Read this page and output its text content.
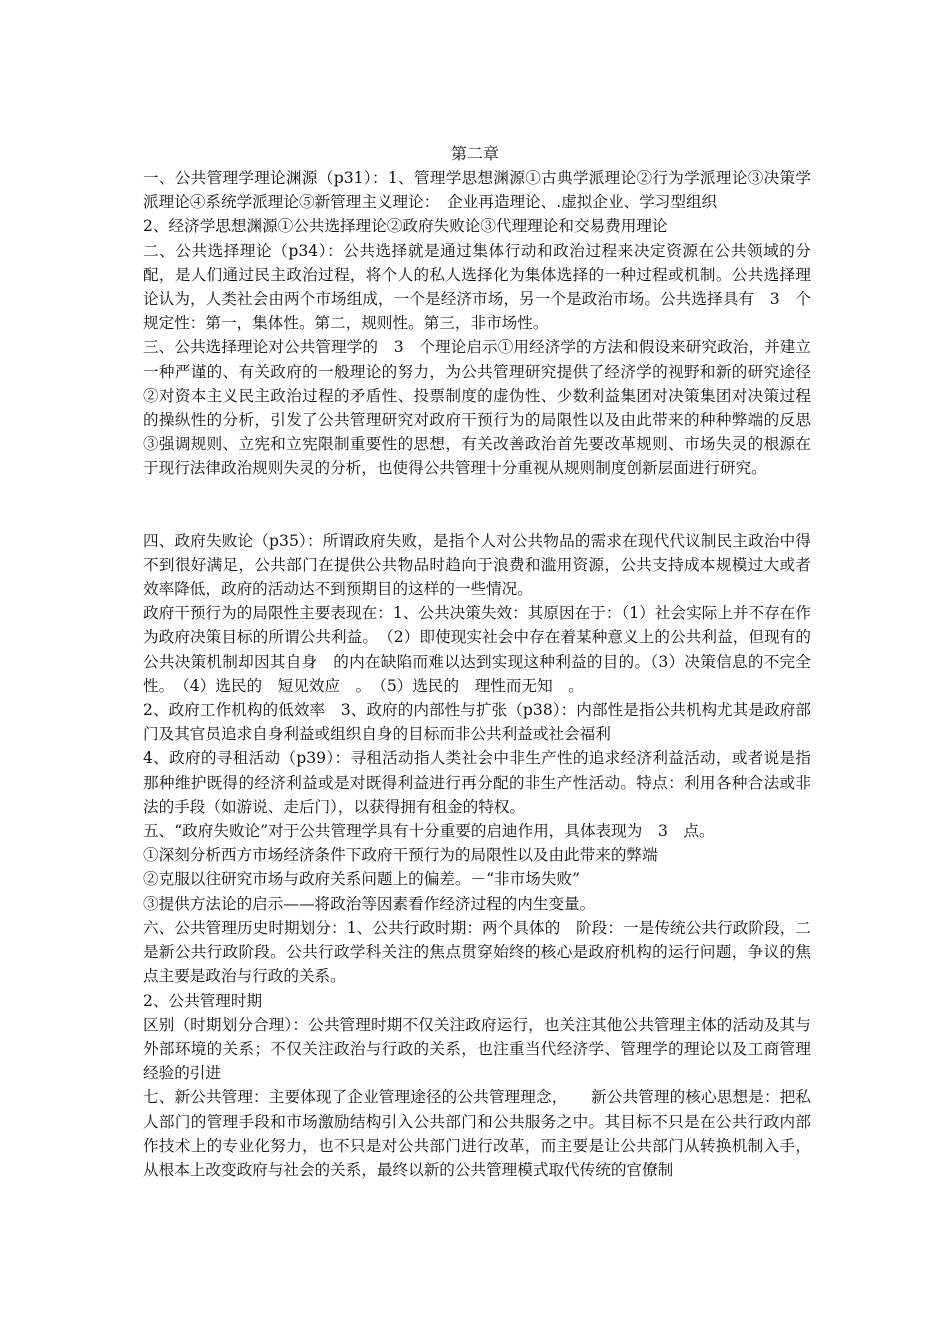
第二章

一、公共管理学理论渊源（p31）：1、管理学思想渊源①古典学派理论②行为学派理论③决策学派理论④系统学派理论⑤新管理主义理论：　企业再造理论、.虚拟企业、学习型组织

2、经济学思想渊源①公共选择理论②政府失败论③代理理论和交易费用理论

二、公共选择理论（p34）：公共选择就是通过集体行动和政治过程来决定资源在公共领域的分配，是人们通过民主政治过程，将个人的私人选择化为集体选择的一种过程或机制。公共选择理论认为，人类社会由两个市场组成，一个是经济市场，另一个是政治市场。公共选择具有　3　个规定性：第一，集体性。第二，规则性。第三，非市场性。

三、公共选择理论对公共管理学的　3　个理论启示①用经济学的方法和假设来研究政治，并建立一种严谨的、有关政府的一般理论的努力，为公共管理研究提供了经济学的视野和新的研究途径②对资本主义民主政治过程的矛盾性、投票制度的虚伪性、少数利益集团对决策集团对决策过程的操纵性的分析，引发了公共管理研究对政府干预行为的局限性以及由此带来的种种弊端的反思③强调规则、立宪和立宪限制重要性的思想，有关改善政治首先要改革规则、市场失灵的根源在于现行法律政治规则失灵的分析，也使得公共管理十分重视从规则制度创新层面进行研究。

四、政府失败论（p35）：所谓政府失败，是指个人对公共物品的需求在现代代议制民主政治中得不到很好满足，公共部门在提供公共物品时趋向于浪费和滥用资源，公共支持成本规模过大或者效率降低，政府的活动达不到预期目的这样的一些情况。

政府干预行为的局限性主要表现在：1、公共决策失效：其原因在于：（1）社会实际上并不存在作为政府决策目标的所谓公共利益。　（2）即使现实社会中存在着某种意义上的公共利益，但现有的公共决策机制却因其自身　的内在缺陷而难以达到实现这种利益的目的。（3）决策信息的不完全性。　（4）选民的　短见效应　。　（5）选民的　理性而无知　。

2、政府工作机构的低效率　3、政府的内部性与扩张（p38）：内部性是指公共机构尤其是政府部门及其官员追求自身利益或组织自身的目标而非公共利益或社会福利

4、政府的寻租活动（p39）：寻租活动指人类社会中非生产性的追求经济利益活动，或者说是指那种维护既得的经济利益或是对既得利益进行再分配的非生产性活动。特点：利用各种合法或非法的手段（如游说、走后门），以获得拥有租金的特权。

五、“政府失败论”对于公共管理学具有十分重要的启迪作用，具体表现为　3　点。

①深刻分析西方市场经济条件下政府干预行为的局限性以及由此带来的弊端

②克服以往研究市场与政府关系问题上的偏差。－“非市场失败”

③提供方法论的启示——将政治等因素看作经济过程的内生变量。

六、公共管理历史时期划分：1、公共行政时期：两个具体的　阶段：一是传统公共行政阶段，二是新公共行政阶段。公共行政学科关注的焦点贯穿始终的核心是政府机构的运行问题，争议的焦点主要是政治与行政的关系。

2、公共管理时期

区别（时期划分合理）：公共管理时期不仅关注政府运行，也关注其他公共管理主体的活动及其与外部环境的关系；不仅关注政治与行政的关系，也注重当代经济学、管理学的理论以及工商管理经验的引进

七、新公共管理：主要体现了企业管理途径的公共管理理念，　　新公共管理的核心思想是：把私人部门的管理手段和市场激励结构引入公共部门和公共服务之中。其目标不只是在公共行政内部作技术上的专业化努力，也不只是对公共部门进行改革，而主要是让公共部门从转换机制入手，从根本上改变政府与社会的关系，最终以新的公共管理模式取代传统的官僚制
